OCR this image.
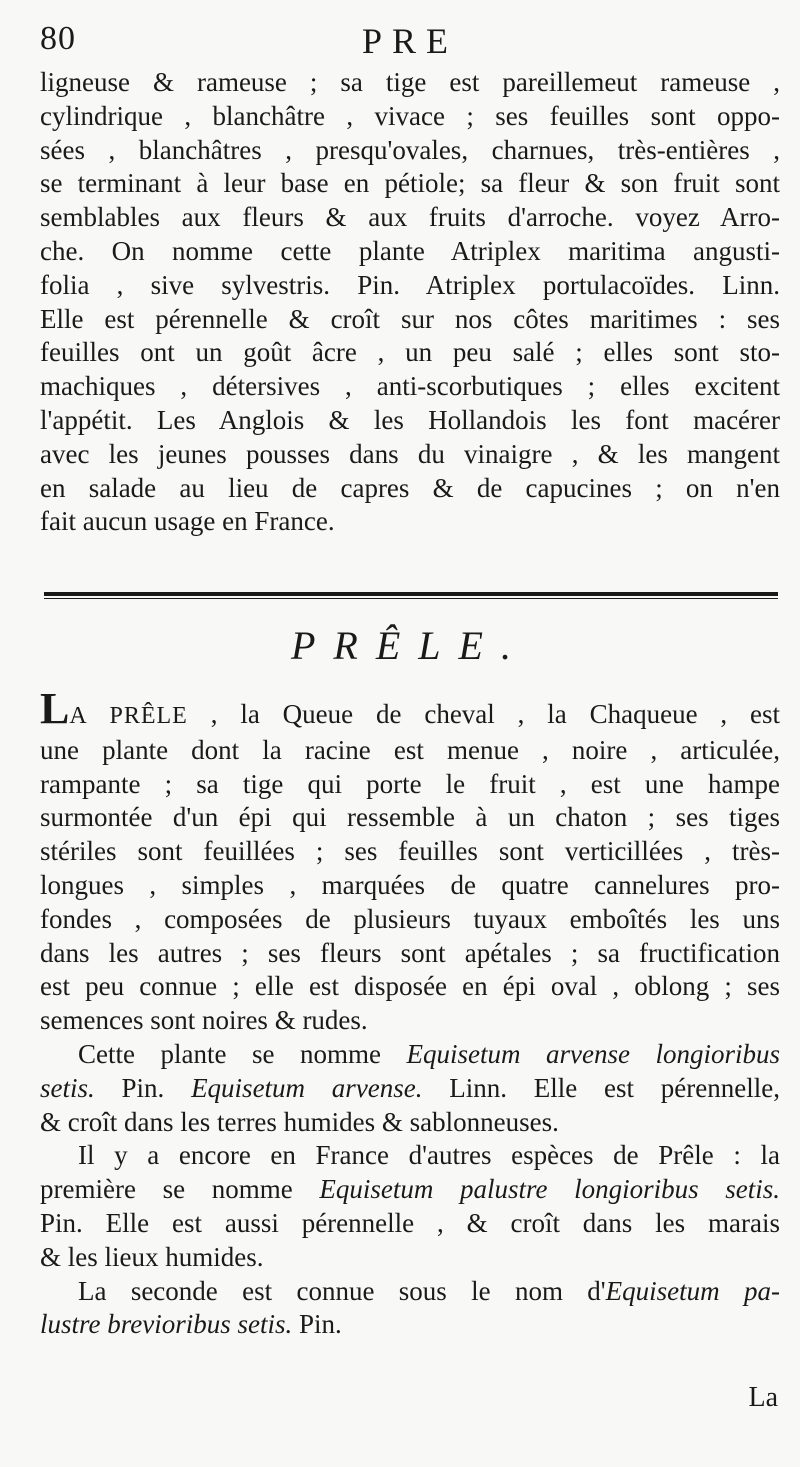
80	PRE
ligneuse & rameuse ; sa tige est pareillemeut rameuse ,
cylindrique , blanchâtre , vivace ; ses feuilles sont oppo-
sées , blanchâtres , presqu'ovales, charnues, très-entières ,
se terminant à leur base en pétiole; sa fleur & son fruit sont
semblables aux fleurs & aux fruits d'arroche. voyez Arro-
che. On nomme cette plante Atriplex maritima angusti-
folia , sive sylvestris. Pin. Atriplex portulacoïdes. Linn.
Elle est pérennelle & croît sur nos côtes maritimes : ses
feuilles ont un goût âcre , un peu salé ; elles sont sto-
machiques , détersives , anti-scorbutiques ; elles excitent
l'appétit. Les Anglois & les Hollandois les font macérer
avec les jeunes pousses dans du vinaigre , & les mangent
en salade au lieu de capres & de capucines ; on n'en
fait aucun usage en France.
PRÊLE.
LA PRÊLE , la Queue de cheval , la Chaqueue , est
une plante dont la racine est menue , noire , articulée,
rampante ; sa tige qui porte le fruit , est une hampe
surmontée d'un épi qui ressemble à un chaton ; ses tiges
stériles sont feuillées ; ses feuilles sont verticillées , très-
longues , simples , marquées de quatre cannelures pro-
fondes , composées de plusieurs tuyaux emboîtés les uns
dans les autres ; ses fleurs sont apétales ; sa fructification
est peu connue ; elle est disposée en épi oval , oblong ; ses
semences sont noires & rudes.
Cette plante se nomme Equisetum arvense longioribus
setis. Pin. Equisetum arvense. Linn. Elle est pérennelle,
& croît dans les terres humides & sablonneuses.
Il y a encore en France d'autres espèces de Prêle : la
première se nomme Equisetum palustre longioribus setis.
Pin. Elle est aussi pérennelle , & croît dans les marais
& les lieux humides.
La seconde est connue sous le nom d'Equisetum pa-
lustre brevioribus setis. Pin.
La
